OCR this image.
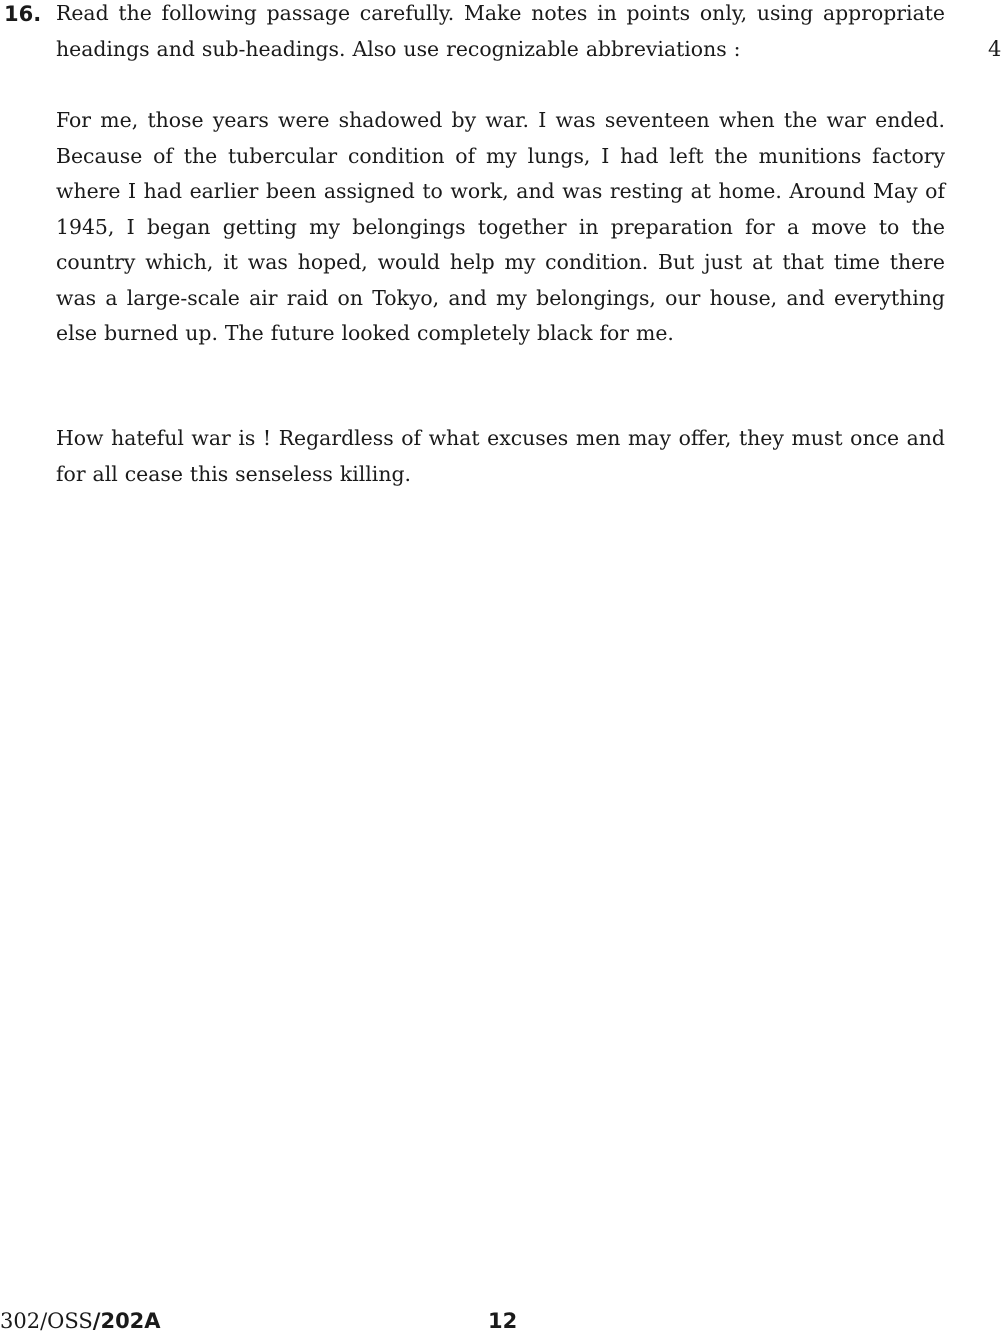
16. Read the following passage carefully. Make notes in points only, using appropriate headings and sub-headings. Also use recognizable abbreviations :	4
For me, those years were shadowed by war. I was seventeen when the war ended. Because of the tubercular condition of my lungs, I had left the munitions factory where I had earlier been assigned to work, and was resting at home. Around May of 1945, I began getting my belongings together in preparation for a move to the country which, it was hoped, would help my condition. But just at that time there was a large-scale air raid on Tokyo, and my belongings, our house, and everything else burned up. The future looked completely black for me.
How hateful war is ! Regardless of what excuses men may offer, they must once and for all cease this senseless killing.
302/OSS/202A	12
